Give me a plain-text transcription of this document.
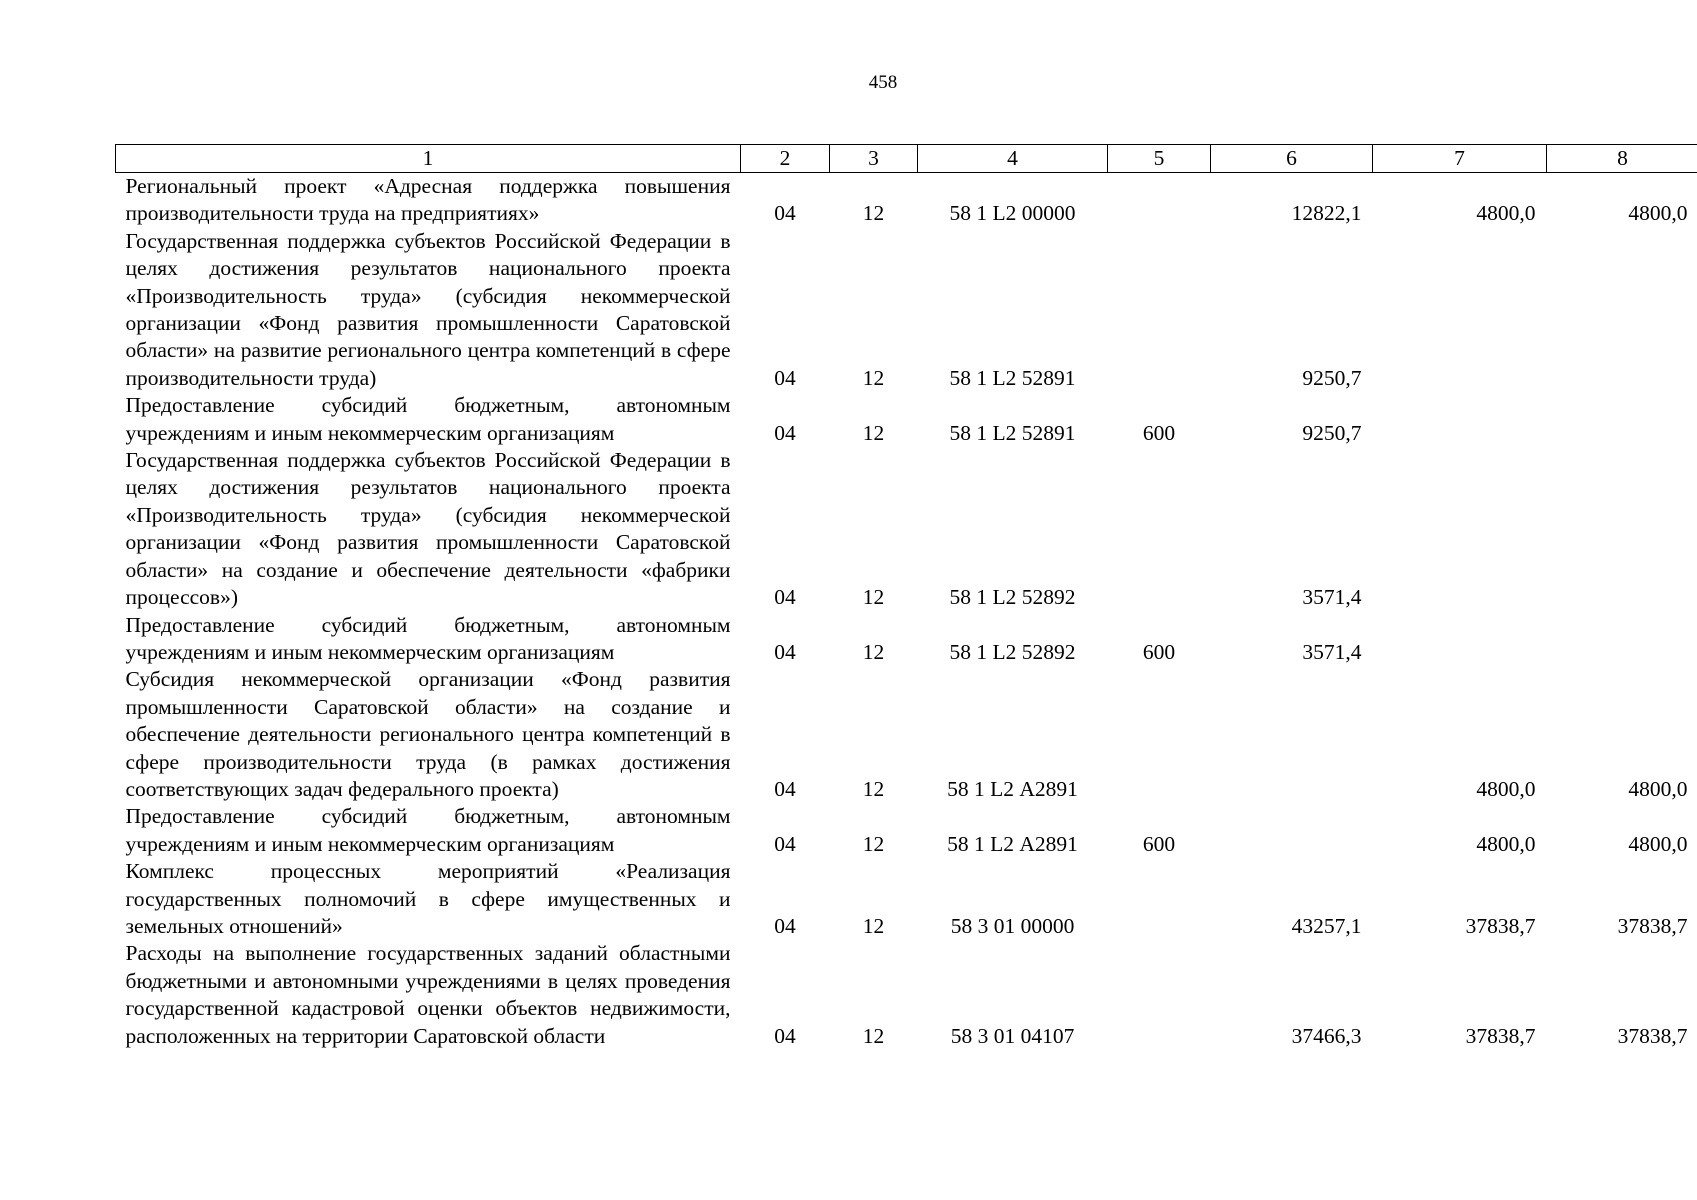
458
1	2	3	4	5	6	7	8
Региональный проект «Адресная поддержка повышения производительности труда на предприятиях»	04	12	58 1 L2 00000		12822,1	4800,0	4800,0
Государственная поддержка субъектов Российской Федерации в целях достижения результатов национального проекта «Производительность труда» (субсидия некоммерческой организации «Фонд развития промышленности Саратовской области» на развитие регионального центра компетенций в сфере производительности труда)	04	12	58 1 L2 52891		9250,7		
Предоставление субсидий бюджетным, автономным учреждениям и иным некоммерческим организациям	04	12	58 1 L2 52891	600	9250,7		
Государственная поддержка субъектов Российской Федерации в целях достижения результатов национального проекта «Производительность труда» (субсидия некоммерческой организации «Фонд развития промышленности Саратовской области» на создание и обеспечение деятельности «фабрики процессов»)	04	12	58 1 L2 52892		3571,4		
Предоставление субсидий бюджетным, автономным учреждениям и иным некоммерческим организациям	04	12	58 1 L2 52892	600	3571,4		
Субсидия некоммерческой организации «Фонд развития промышленности Саратовской области» на создание и обеспечение деятельности регионального центра компетенций в сфере производительности труда (в рамках достижения соответствующих задач федерального проекта)	04	12	58 1 L2 А2891			4800,0	4800,0
Предоставление субсидий бюджетным, автономным учреждениям и иным некоммерческим организациям	04	12	58 1 L2 А2891	600		4800,0	4800,0
Комплекс процессных мероприятий «Реализация государственных полномочий в сфере имущественных и земельных отношений»	04	12	58 3 01 00000		43257,1	37838,7	37838,7
Расходы на выполнение государственных заданий областными бюджетными и автономными учреждениями в целях проведения государственной кадастровой оценки объектов недвижимости, расположенных на территории Саратовской области	04	12	58 3 01 04107		37466,3	37838,7	37838,7
